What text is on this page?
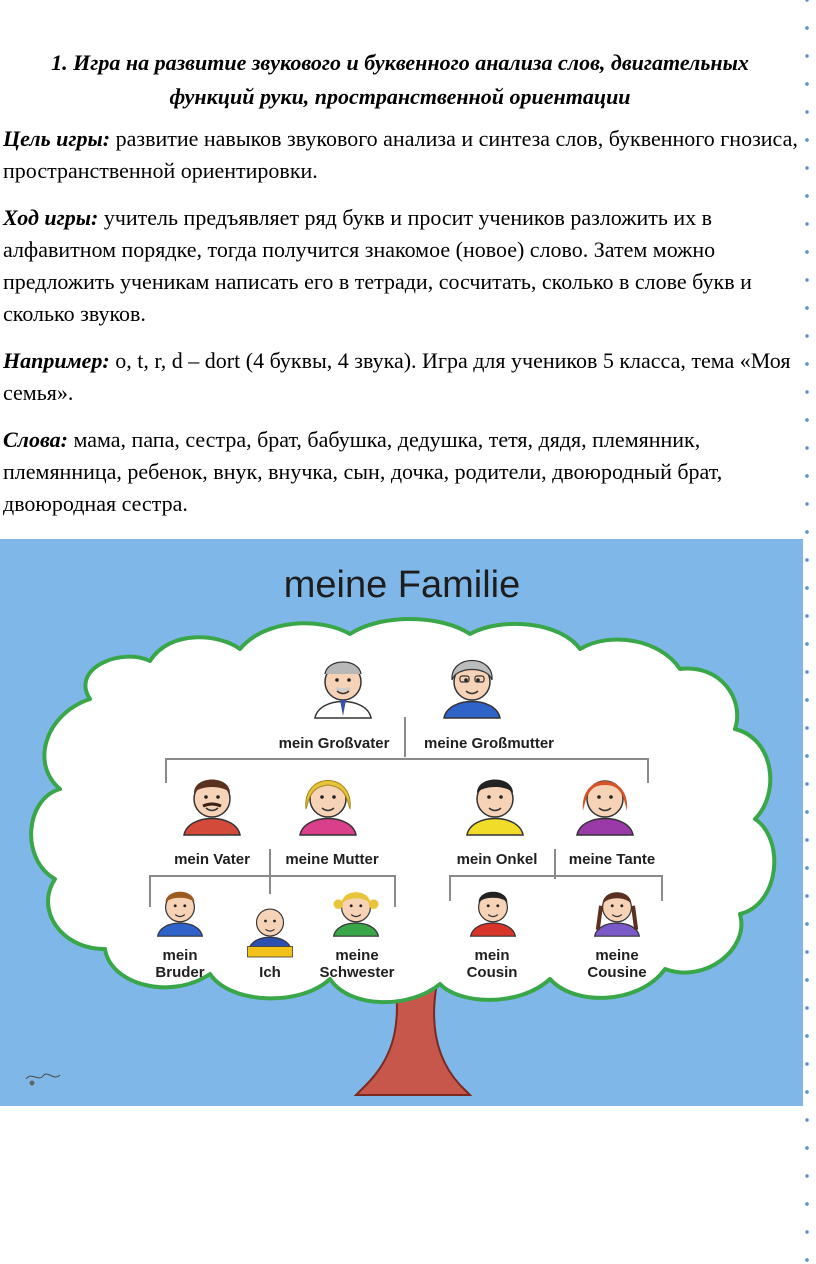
1. Игра на развитие звукового и буквенного анализа слов, двигательных
функций руки, пространственной ориентации

Цель игры: развитие навыков звукового анализа и синтеза слов, буквенного гнозиса, пространственной ориентировки.

Ход игры: учитель предъявляет ряд букв и просит учеников разложить их в алфавитном порядке, тогда получится знакомое (новое) слово. Затем можно предложить ученикам написать его в тетради, сосчитать, сколько в слове букв и сколько звуков.

Например: o, t, r, d – dort (4 буквы, 4 звука). Игра для учеников 5 класса, тема «Моя семья».

Слова: мама, папа, сестра, брат, бабушка, дедушка, тетя, дядя, племянник, племянница, ребенок, внук, внучка, сын, дочка, родители, двоюродный брат, двоюродная сестра.

meine Familie
mein Großvater meine Großmutter
mein Vater meine Mutter	mein Onkel meine Tante
mein
Bruder	Ich
meine
Schwester
mein
Cousin
meine
Cousine
